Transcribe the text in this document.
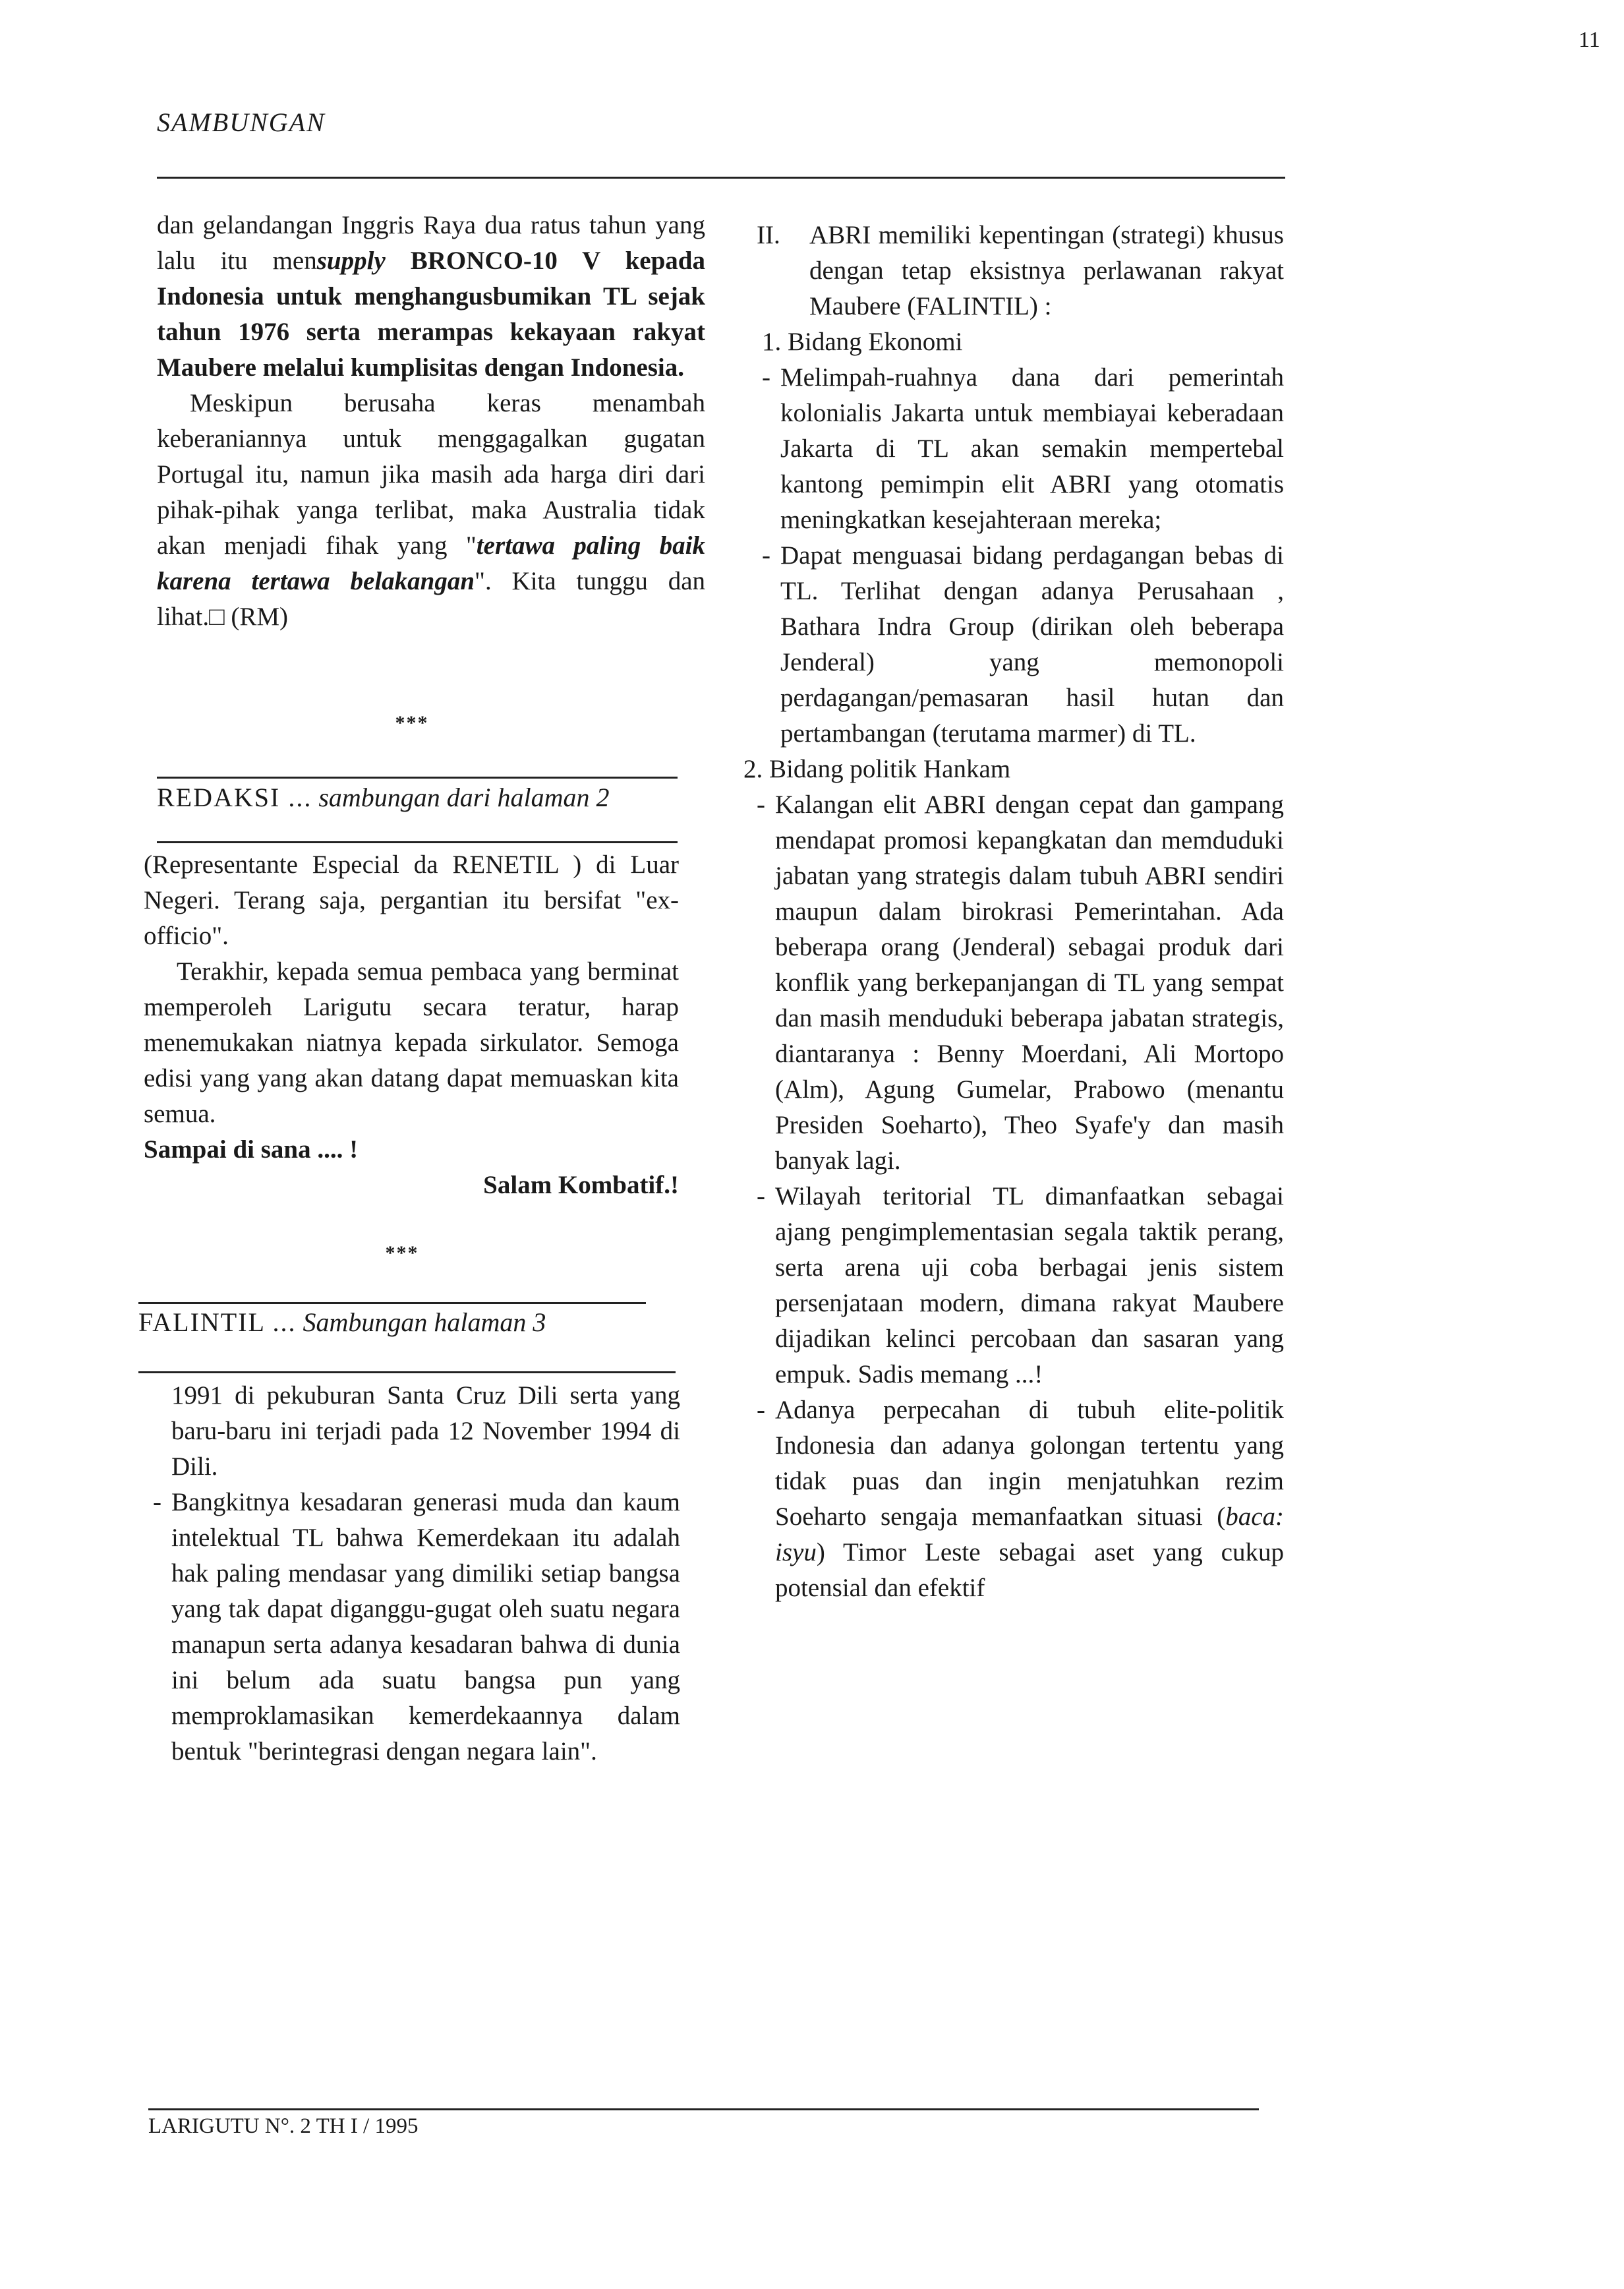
11
SAMBUNGAN

dan gelandangan Inggris Raya dua ratus tahun yang lalu itu mensupply BRONCO-10 V kepada Indonesia untuk menghangusbumikan TL sejak tahun 1976 serta merampas kekayaan rakyat Maubere melalui kumplisitas dengan Indonesia.

Meskipun berusaha keras menambah keberaniannya untuk menggagalkan gugatan Portugal itu, namun jika masih ada harga diri dari pihak-pihak yanga terlibat, maka Australia tidak akan menjadi fihak yang "tertawa paling baik karena tertawa belakangan". Kita tunggu dan lihat.□ (RM)

***
REDAKSI ... sambungan dari halaman 2

(Representante Especial da RENETIL ) di Luar Negeri. Terang saja, pergantian itu bersifat "ex-officio".

Terakhir, kepada semua pembaca yang berminat memperoleh Larigutu secara teratur, harap menemukakan niatnya kepada sirkulator. Semoga edisi yang yang akan datang dapat memuaskan kita semua.

Sampai di sana .... !

Salam Kombatif.!

***
FALINTIL ... Sambungan halaman 3

1991 di pekuburan Santa Cruz Dili serta yang baru-baru ini terjadi pada 12 November 1994 di Dili.

- Bangkitnya kesadaran generasi muda dan kaum intelektual TL bahwa Kemerdekaan itu adalah hak paling mendasar yang dimiliki setiap bangsa yang tak dapat diganggu-gugat oleh suatu negara manapun serta adanya kesadaran bahwa di dunia ini belum ada suatu bangsa pun yang memproklamasikan kemerdekaannya dalam bentuk "berintegrasi dengan negara lain".
II.	ABRI memiliki kepentingan (strategi) khusus dengan tetap eksistnya perlawanan rakyat Maubere (FALINTIL) :

1. Bidang Ekonomi

- Melimpah-ruahnya dana dari pemerintah kolonialis Jakarta untuk membiayai keberadaan Jakarta di TL akan semakin mempertebal kantong pemimpin elit ABRI yang otomatis meningkatkan kesejahteraan mereka;
- Dapat menguasai bidang perdagangan bebas di TL. Terlihat dengan adanya Perusahaan , Bathara Indra Group (dirikan oleh beberapa Jenderal) yang memonopoli perdagangan/pemasaran hasil hutan dan pertambangan (terutama marmer) di TL.

2. Bidang politik Hankam

- Kalangan elit ABRI dengan cepat dan gampang mendapat promosi kepangkatan dan memduduki jabatan yang strategis dalam tubuh ABRI sendiri maupun dalam birokrasi Pemerintahan. Ada beberapa orang (Jenderal) sebagai produk dari konflik yang berkepanjangan di TL yang sempat dan masih menduduki beberapa jabatan strategis, diantaranya : Benny Moerdani, Ali Mortopo (Alm), Agung Gumelar, Prabowo (menantu Presiden Soeharto), Theo Syafe'y dan masih banyak lagi.
- Wilayah teritorial TL dimanfaatkan sebagai ajang pengimplementasian segala taktik perang, serta arena uji coba berbagai jenis sistem persenjataan modern, dimana rakyat Maubere dijadikan kelinci percobaan dan sasaran yang empuk. Sadis memang ...!
- Adanya perpecahan di tubuh elite-politik Indonesia dan adanya golongan tertentu yang tidak puas dan ingin menjatuhkan rezim Soeharto sengaja memanfaatkan situasi (baca: isyu) Timor Leste sebagai aset yang cukup potensial dan efektif
LARIGUTU N°. 2 TH I / 1995
